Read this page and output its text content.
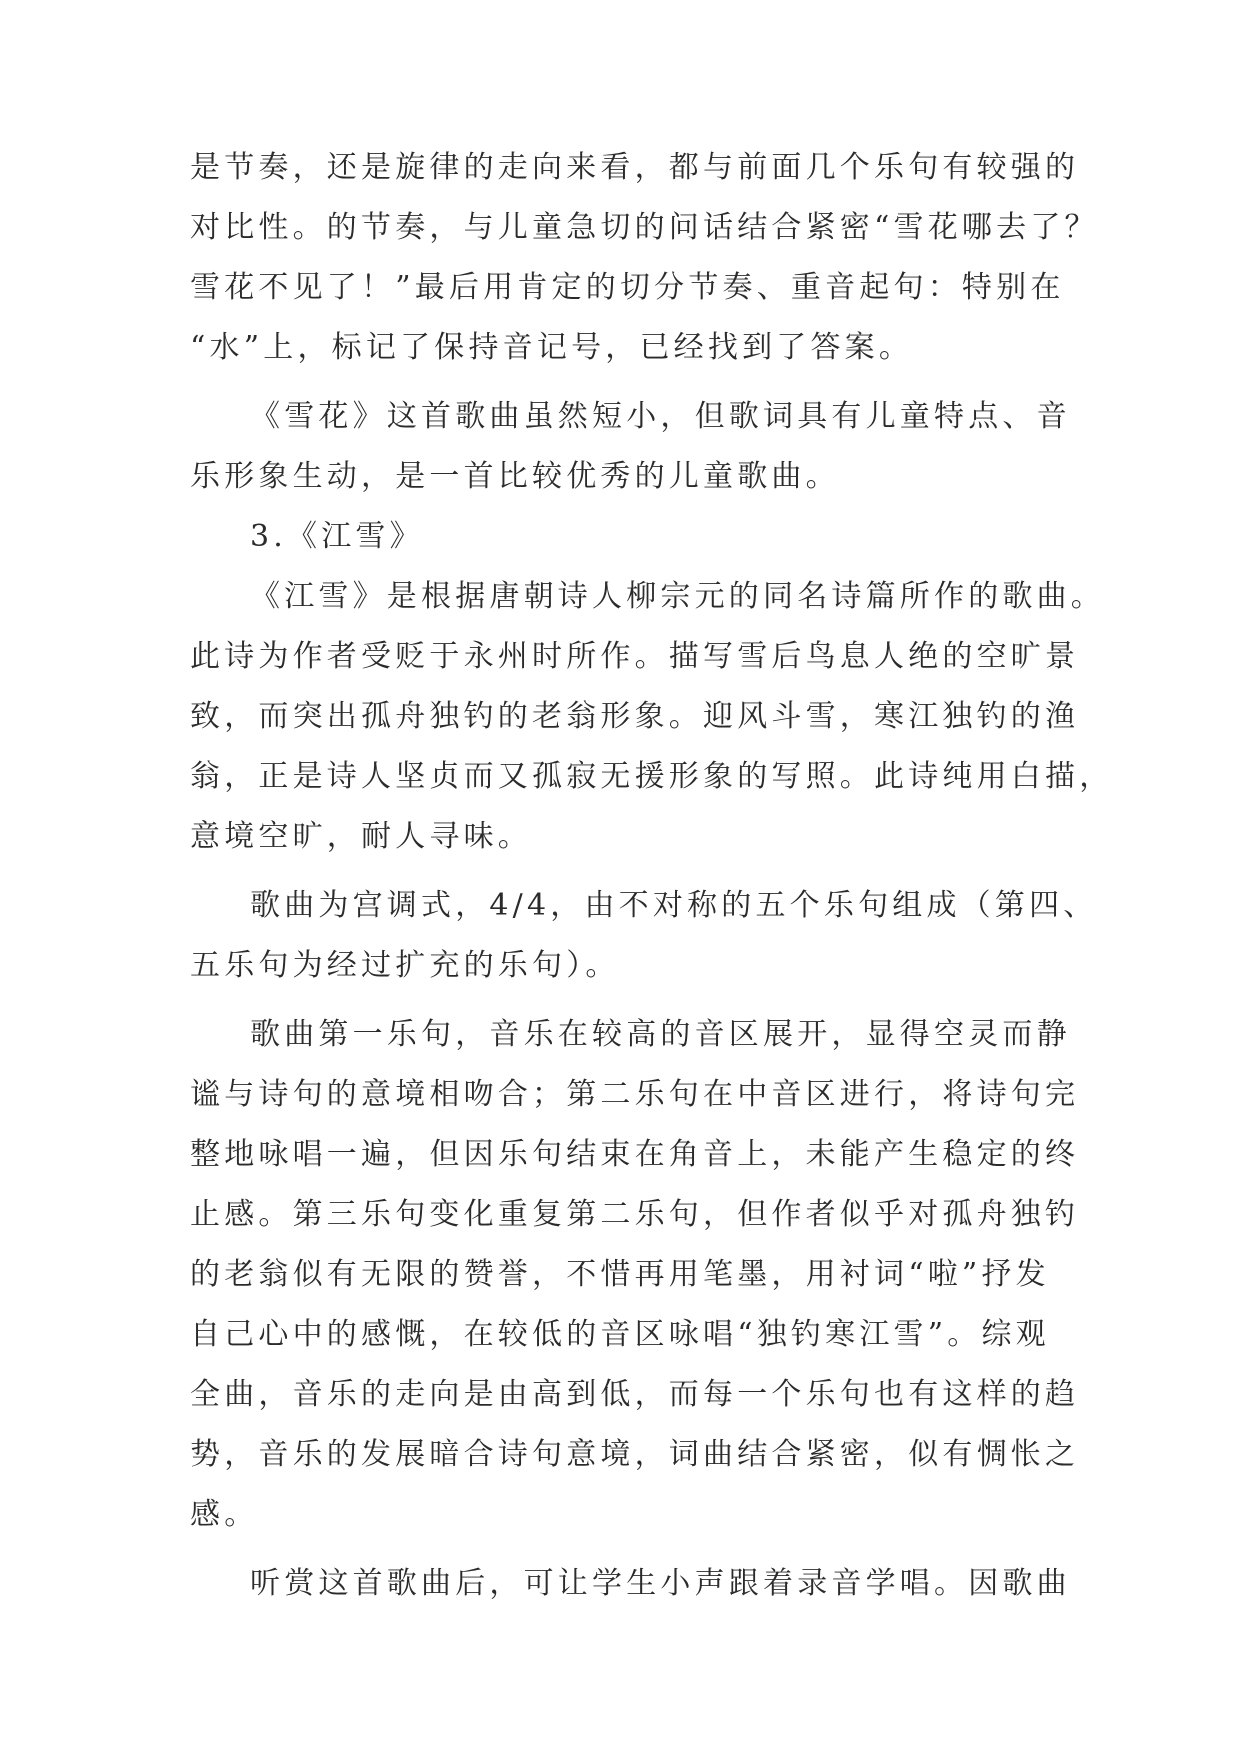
是节奏，还是旋律的走向来看，都与前面几个乐句有较强的
对比性。的节奏，与儿童急切的问话结合紧密“雪花哪去了？
雪花不见了！”最后用肯定的切分节奏、重音起句：特别在
“水”上，标记了保持音记号，已经找到了答案。
《雪花》这首歌曲虽然短小，但歌词具有儿童特点、音
乐形象生动，是一首比较优秀的儿童歌曲。
3.《江雪》
《江雪》是根据唐朝诗人柳宗元的同名诗篇所作的歌曲。
此诗为作者受贬于永州时所作。描写雪后鸟息人绝的空旷景
致，而突出孤舟独钓的老翁形象。迎风斗雪，寒江独钓的渔
翁，正是诗人坚贞而又孤寂无援形象的写照。此诗纯用白描，
意境空旷，耐人寻味。
歌曲为宫调式，4/4，由不对称的五个乐句组成（第四、
五乐句为经过扩充的乐句）。
歌曲第一乐句，音乐在较高的音区展开，显得空灵而静
谧与诗句的意境相吻合；第二乐句在中音区进行，将诗句完
整地咏唱一遍，但因乐句结束在角音上，未能产生稳定的终
止感。第三乐句变化重复第二乐句，但作者似乎对孤舟独钓
的老翁似有无限的赞誉，不惜再用笔墨，用衬词“啦”抒发
自己心中的感慨，在较低的音区咏唱“独钓寒江雪”。综观
全曲，音乐的走向是由高到低，而每一个乐句也有这样的趋
势，音乐的发展暗合诗句意境，词曲结合紧密，似有惆怅之
感。
听赏这首歌曲后，可让学生小声跟着录音学唱。因歌曲
